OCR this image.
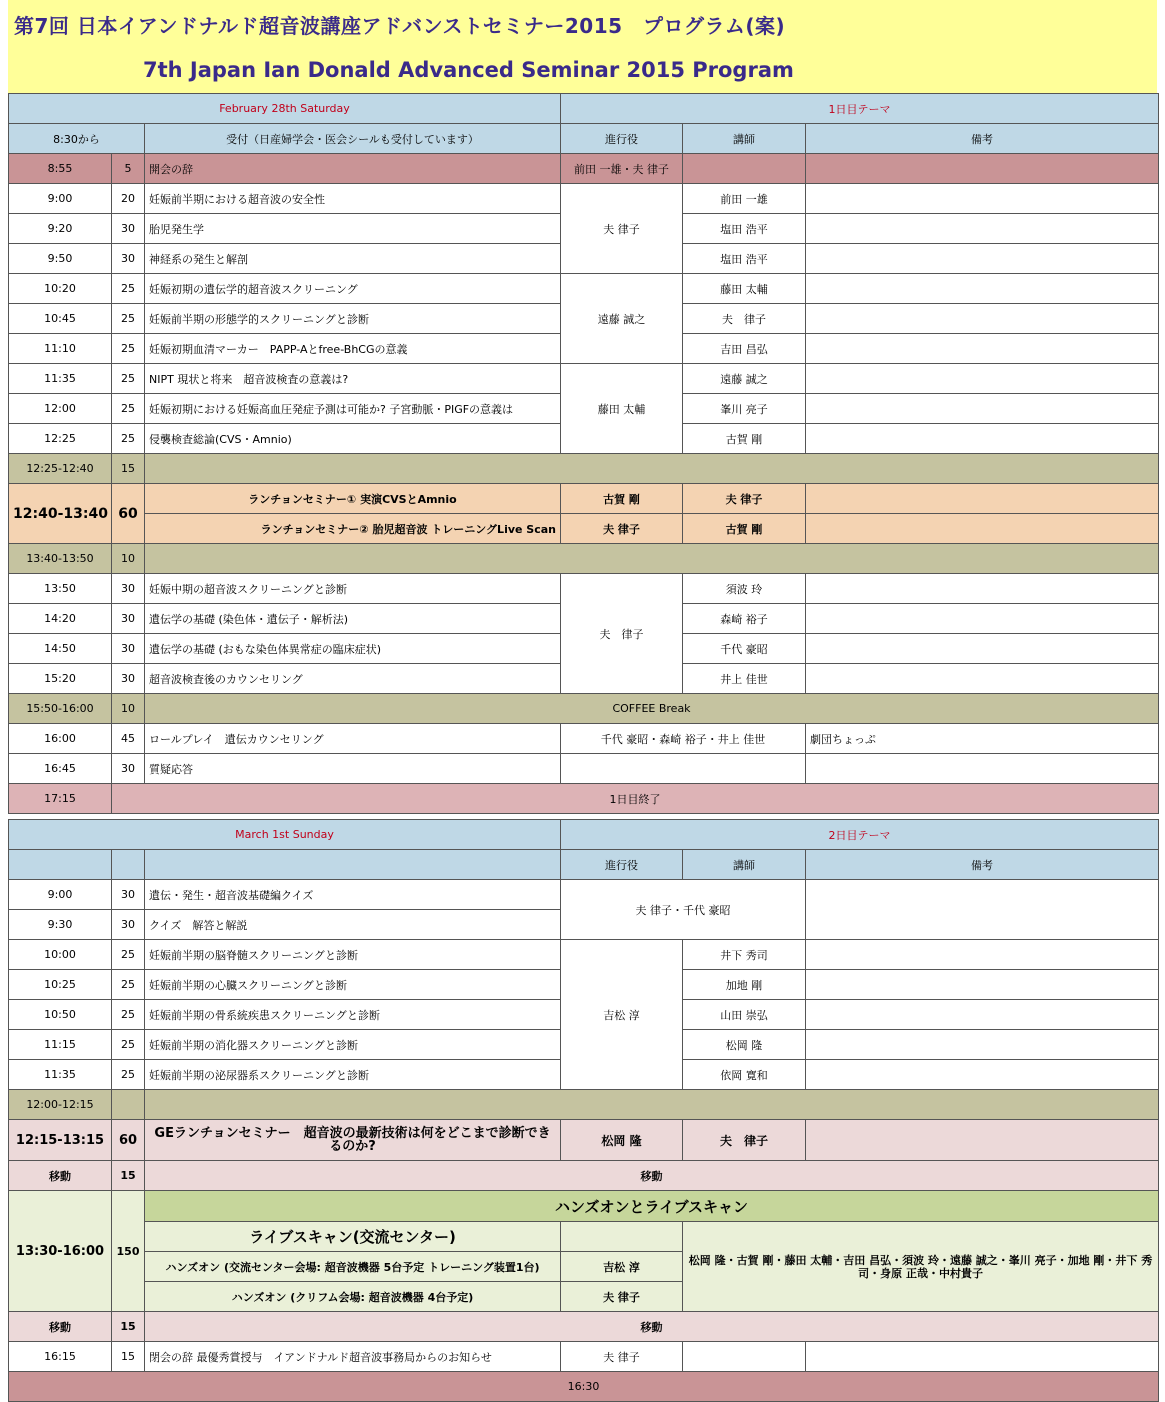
第7回 日本イアンドナルド超音波講座アドバンストセミナー2015　プログラム(案)
7th Japan Ian Donald Advanced Seminar 2015 Program
February 28th Saturday			1日目テーマ		
8:30から		受付（日産婦学会・医会シールも受付しています）	進行役	講師	備考
8:55	5	開会の辞	前田 一雄・夫 律子		
9:00	20	妊娠前半期における超音波の安全性	夫 律子	前田 一雄	
9:20	30	胎児発生学		塩田 浩平	
9:50	30	神経系の発生と解剖		塩田 浩平	
10:20	25	妊娠初期の遺伝学的超音波スクリーニング	遠藤 誠之	藤田 太輔	
10:45	25	妊娠前半期の形態学的スクリーニングと診断		夫　律子	
11:10	25	妊娠初期血清マーカー　PAPP-Aとfree-BhCGの意義		吉田 昌弘	
11:35	25	NIPT 現状と将来　超音波検査の意義は?	藤田 太輔	遠藤 誠之	
12:00	25	妊娠初期における妊娠高血圧発症予測は可能か? 子宮動脈・PIGFの意義は		峯川 亮子	
12:25	25	侵襲検査総論(CVS・Amnio)		古賀 剛	
12:25-12:40	15				
12:40-13:40	60	ランチョンセミナー① 実演CVSとAmnio	古賀 剛	夫 律子	
		ランチョンセミナー② 胎児超音波 トレーニングLive Scan	夫 律子	古賀 剛	
13:40-13:50	10				
13:50	30	妊娠中期の超音波スクリーニングと診断	夫　律子	須波 玲	
14:20	30	遺伝学の基礎 (染色体・遺伝子・解析法)		森崎 裕子	
14:50	30	遺伝学の基礎 (おもな染色体異常症の臨床症状)		千代 豪昭	
15:20	30	超音波検査後のカウンセリング		井上 佳世	
15:50-16:00	10	COFFEE Break			
16:00	45	ロールプレイ　遺伝カウンセリング	千代 豪昭・森崎 裕子・井上 佳世		劇団ちょっぷ
16:45	30	質疑応答			
17:15	1日目終了				
March 1st Sunday			2日目テーマ		
			進行役	講師	備考
9:00	30	遺伝・発生・超音波基礎編クイズ	夫 律子・千代 豪昭		
9:30	30	クイズ　解答と解説			
10:00	25	妊娠前半期の脳脊髄スクリーニングと診断	吉松 淳	井下 秀司	
10:25	25	妊娠前半期の心臓スクリーニングと診断		加地 剛	
10:50	25	妊娠前半期の骨系統疾患スクリーニングと診断		山田 崇弘	
11:15	25	妊娠前半期の消化器スクリーニングと診断		松岡 隆	
11:35	25	妊娠前半期の泌尿器系スクリーニングと診断		依岡 寛和	
12:00-12:15					
12:15-13:15	60	GEランチョンセミナー　超音波の最新技術は何をどこまで診断できるのか?	松岡 隆	夫　律子	
移動	15	移動			
13:30-16:00	150	ハンズオンとライブスキャン			
		ライブスキャン(交流センター)		松岡 隆・古賀 剛・藤田 太輔・吉田 昌弘・須波 玲・遠藤 誠之・峯川 亮子・加地 剛・井下 秀司・身原 正哉・中村貴子	
		ハンズオン (交流センター会場: 超音波機器 5台予定 トレーニング装置1台)	吉松 淳		
		ハンズオン (クリフム会場: 超音波機器 4台予定)	夫 律子		
移動	15	移動			
16:15	15	閉会の辞 最優秀賞授与　イアンドナルド超音波事務局からのお知らせ	夫 律子		
16:30					
